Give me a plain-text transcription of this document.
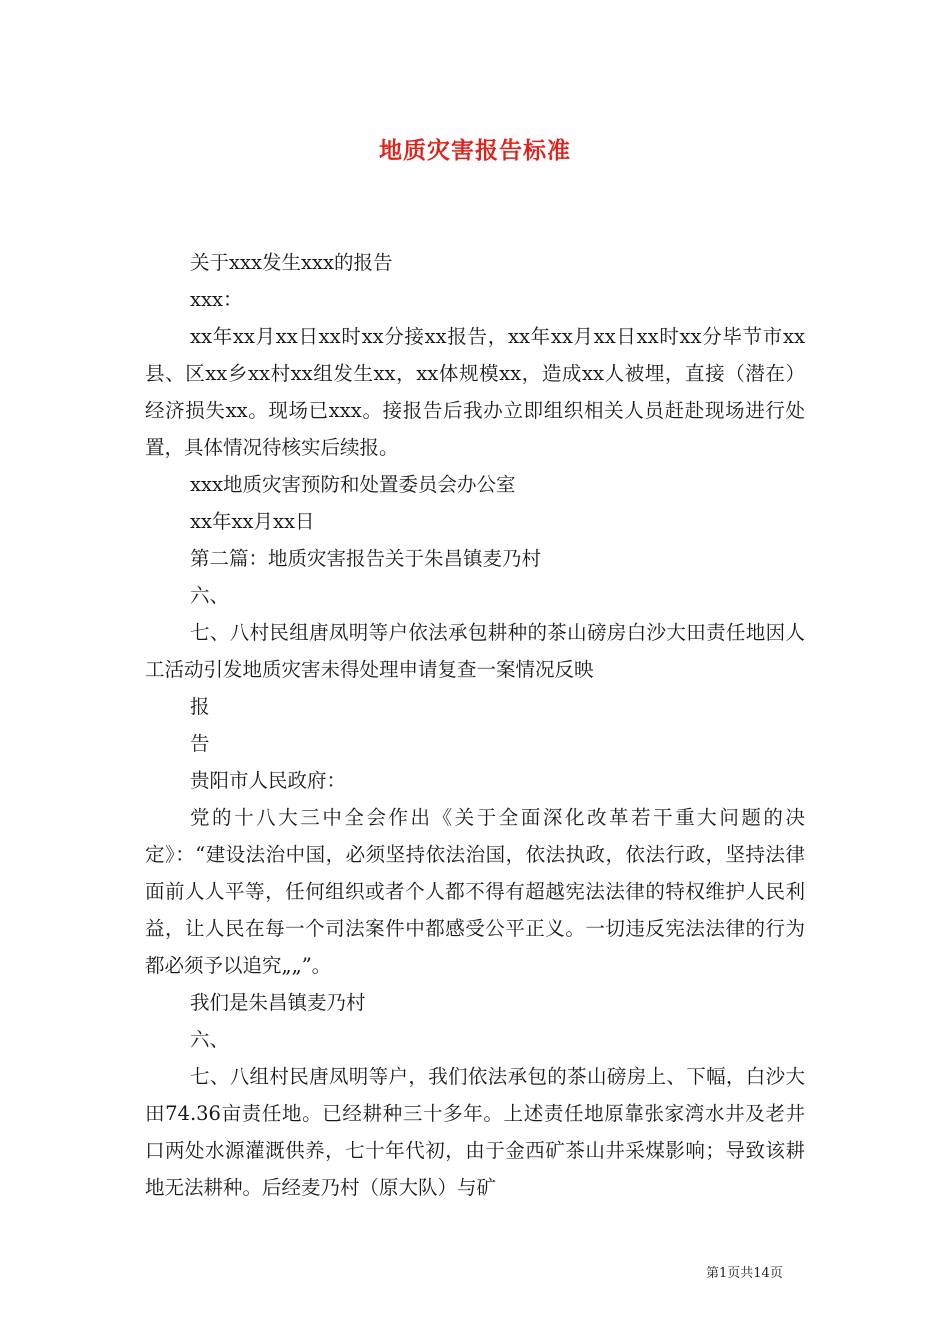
地质灾害报告标准

关于xxx发生xxx的报告

xxx：

xx年xx月xx日xx时xx分接xx报告，xx年xx月xx日xx时xx分毕节市xx县、区xx乡xx村xx组发生xx，xx体规模xx，造成xx人被埋，直接（潜在）经济损失xx。现场已xxx。接报告后我办立即组织相关人员赶赴现场进行处置，具体情况待核实后续报。

xxx地质灾害预防和处置委员会办公室

xx年xx月xx日

第二篇：地质灾害报告关于朱昌镇麦乃村

六、

七、八村民组唐凤明等户依法承包耕种的茶山磅房白沙大田责任地因人工活动引发地质灾害未得处理申请复查一案情况反映

报

告

贵阳市人民政府：

党的十八大三中全会作出《关于全面深化改革若干重大问题的决定》：“建设法治中国，必须坚持依法治国，依法执政，依法行政，坚持法律面前人人平等，任何组织或者个人都不得有超越宪法法律的特权维护人民利益，让人民在每一个司法案件中都感受公平正义。一切违反宪法法律的行为都必须予以追究„„”。

我们是朱昌镇麦乃村

六、

七、八组村民唐凤明等户，我们依法承包的茶山磅房上、下幅，白沙大田74.36亩责任地。已经耕种三十多年。上述责任地原靠张家湾水井及老井口两处水源灌溉供养，七十年代初，由于金西矿茶山井采煤影响；导致该耕地无法耕种。后经麦乃村（原大队）与矿

第1页共14页
